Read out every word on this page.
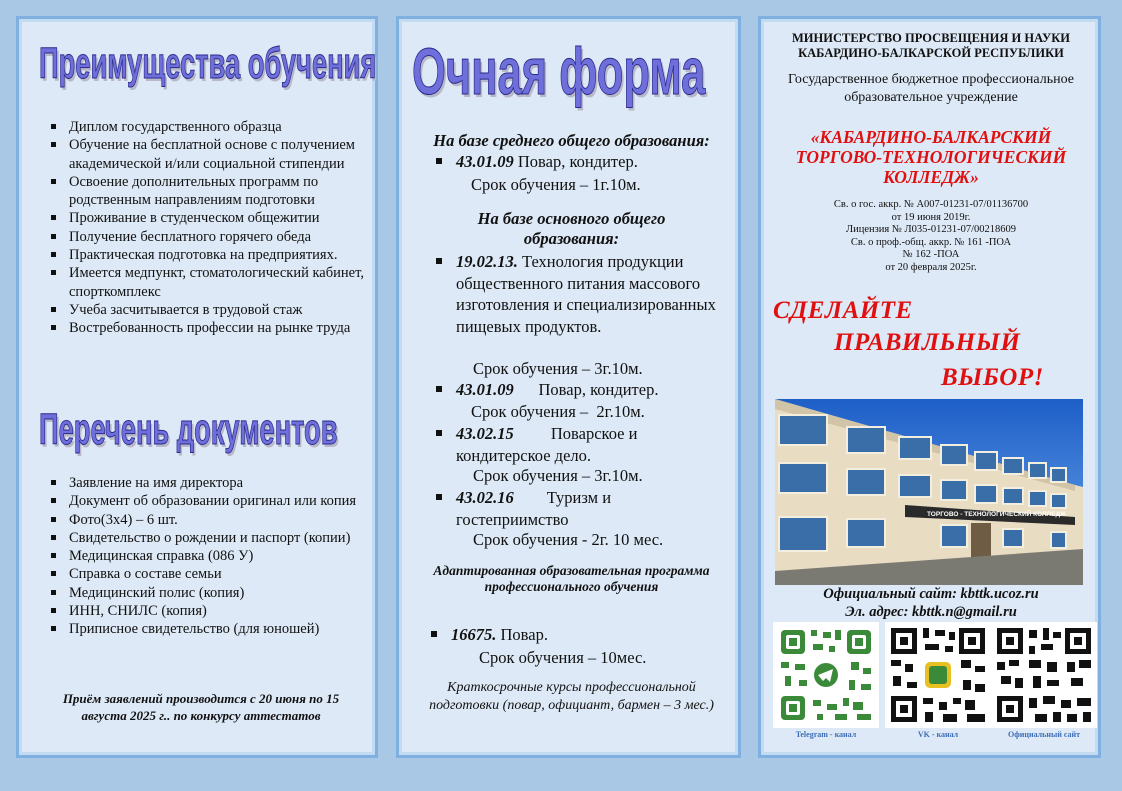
Преимущества обучения
Диплом государственного образца
Обучение на бесплатной основе с получением академической и/или социальной стипендии
Освоение дополнительных программ по родственным направлениям подготовки
Проживание в студенческом общежитии
Получение бесплатного горячего обеда
Практическая подготовка на предприятиях.
Имеется медпункт, стоматологический кабинет, спорткомплекс
Учеба засчитывается в трудовой стаж
Востребованность профессии на рынке труда
Перечень документов
Заявление на имя директора
Документ об образовании оригинал или копия
Фото(3х4) – 6 шт.
Свидетельство о рождении и паспорт (копии)
Медицинская справка (086 У)
Справка о составе семьи
Медицинский полис (копия)
ИНН, СНИЛС (копия)
Приписное свидетельство (для юношей)
Приём заявлений производится с 20 июня по 15 августа 2025 г.. по конкурсу аттестатов
Очная форма
На базе среднего общего образования:
43.01.09 Повар, кондитер.
Срок обучения – 1г.10м.
На базе основного общего образования:
19.02.13. Технология продукции общественного питания массового изготовления и специализированных пищевых продуктов.
Срок обучения – 3г.10м.
43.01.09      Повар, кондитер.
Срок обучения –  2г.10м.
43.02.15         Поварское и кондитерское дело.
Срок обучения – 3г.10м.
43.02.16        Туризм и гостеприимство
Срок обучения - 2г. 10 мес.
Адаптированная образовательная программа профессионального обучения
16675. Повар.
Срок обучения – 10мес.
Краткосрочные курсы профессиональной подготовки (повар, официант, бармен – 3 мес.)
МИНИСТЕРСТВО ПРОСВЕЩЕНИЯ И НАУКИ КАБАРДИНО-БАЛКАРСКОЙ РЕСПУБЛИКИ
Государственное бюджетное профессиональное образовательное учреждение
«КАБАРДИНО-БАЛКАРСКИЙ ТОРГОВО-ТЕХНОЛОГИЧЕСКИЙ КОЛЛЕДЖ»
Св. о гос. аккр. № А007-01231-07/01136700
от 19 июня 2019г.
Лицензия № Л035-01231-07/00218609
Св. о проф.-общ. аккр. № 161 -ПОА
№ 162 -ПОА
от 20 февраля 2025г.
СДЕЛАЙТЕ
ПРАВИЛЬНЫЙ
ВЫБОР!
ТОРГОВО - ТЕХНОЛОГИЧЕСКИЙ КОЛЛЕДЖ
Официальный сайт: kbttk.ucoz.ru
Эл. адрес: kbttk.n@gmail.ru
Telegram - канал	VK - канал	Официальный сайт
